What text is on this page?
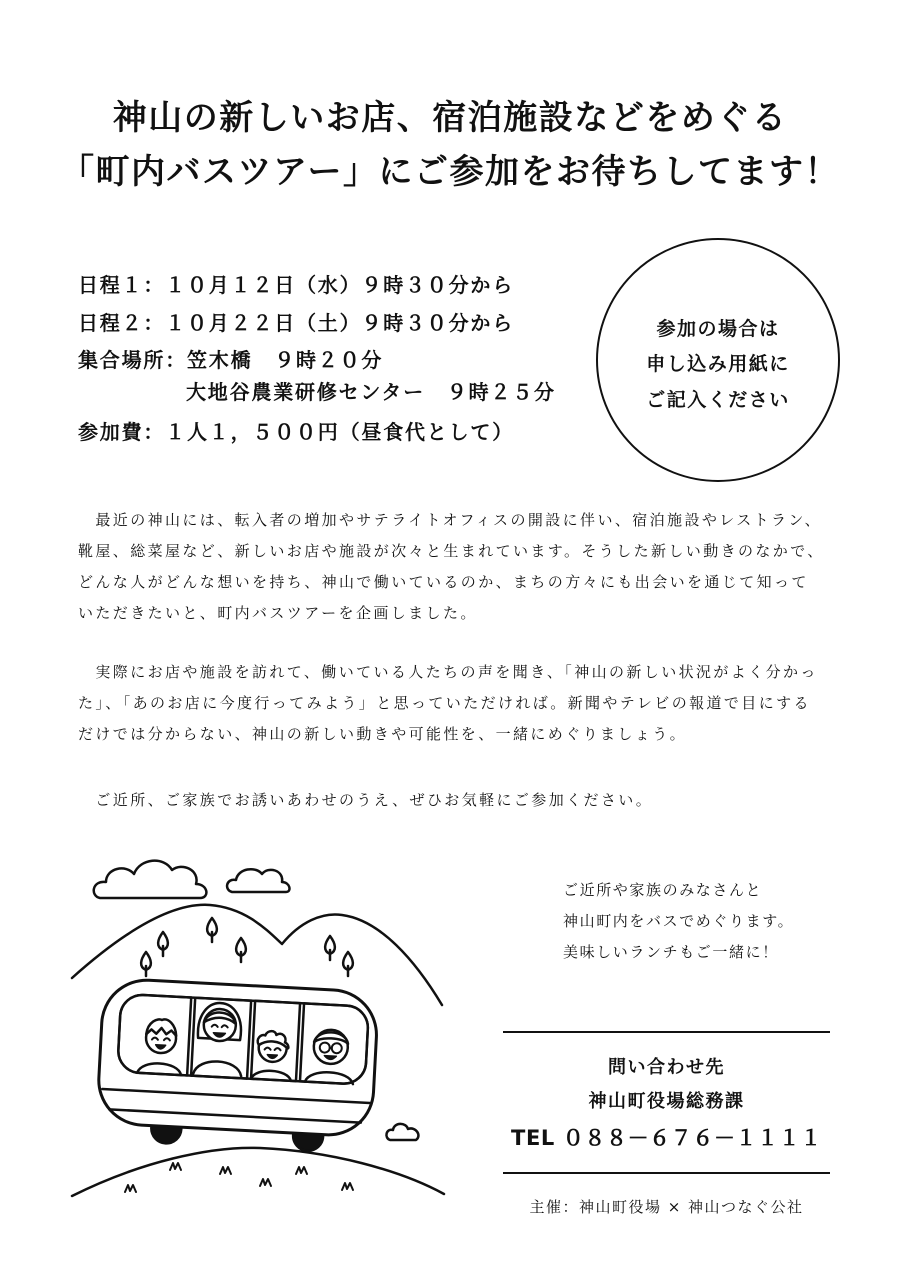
神山の新しいお店、宿泊施設などをめぐる
「町内バスツアー」にご参加をお待ちしてます！
日程１：１０月１２日（水）９時３０分から
日程２：１０月２２日（土）９時３０分から
集合場所：笠木橋　９時２０分
大地谷農業研修センター　９時２５分
参加費：１人１，５００円（昼食代として）
参加の場合は
申し込み用紙に
ご記入ください
　最近の神山には、転入者の増加やサテライトオフィスの開設に伴い、宿泊施設やレストラン、
靴屋、総菜屋など、新しいお店や施設が次々と生まれています。そうした新しい動きのなかで、
どんな人がどんな想いを持ち、神山で働いているのか、まちの方々にも出会いを通じて知って
いただきたいと、町内バスツアーを企画しました。
　実際にお店や施設を訪れて、働いている人たちの声を聞き、「神山の新しい状況がよく分かっ
た」、「あのお店に今度行ってみよう」と思っていただければ。新聞やテレビの報道で目にする
だけでは分からない、神山の新しい動きや可能性を、一緒にめぐりましょう。
　ご近所、ご家族でお誘いあわせのうえ、ぜひお気軽にご参加ください。
ご近所や家族のみなさんと
神山町内をバスでめぐります。
美味しいランチもご一緒に！
問い合わせ先
神山町役場総務課
TEL ０８８－６７６－１１１１
主催：神山町役場 × 神山つなぐ公社
